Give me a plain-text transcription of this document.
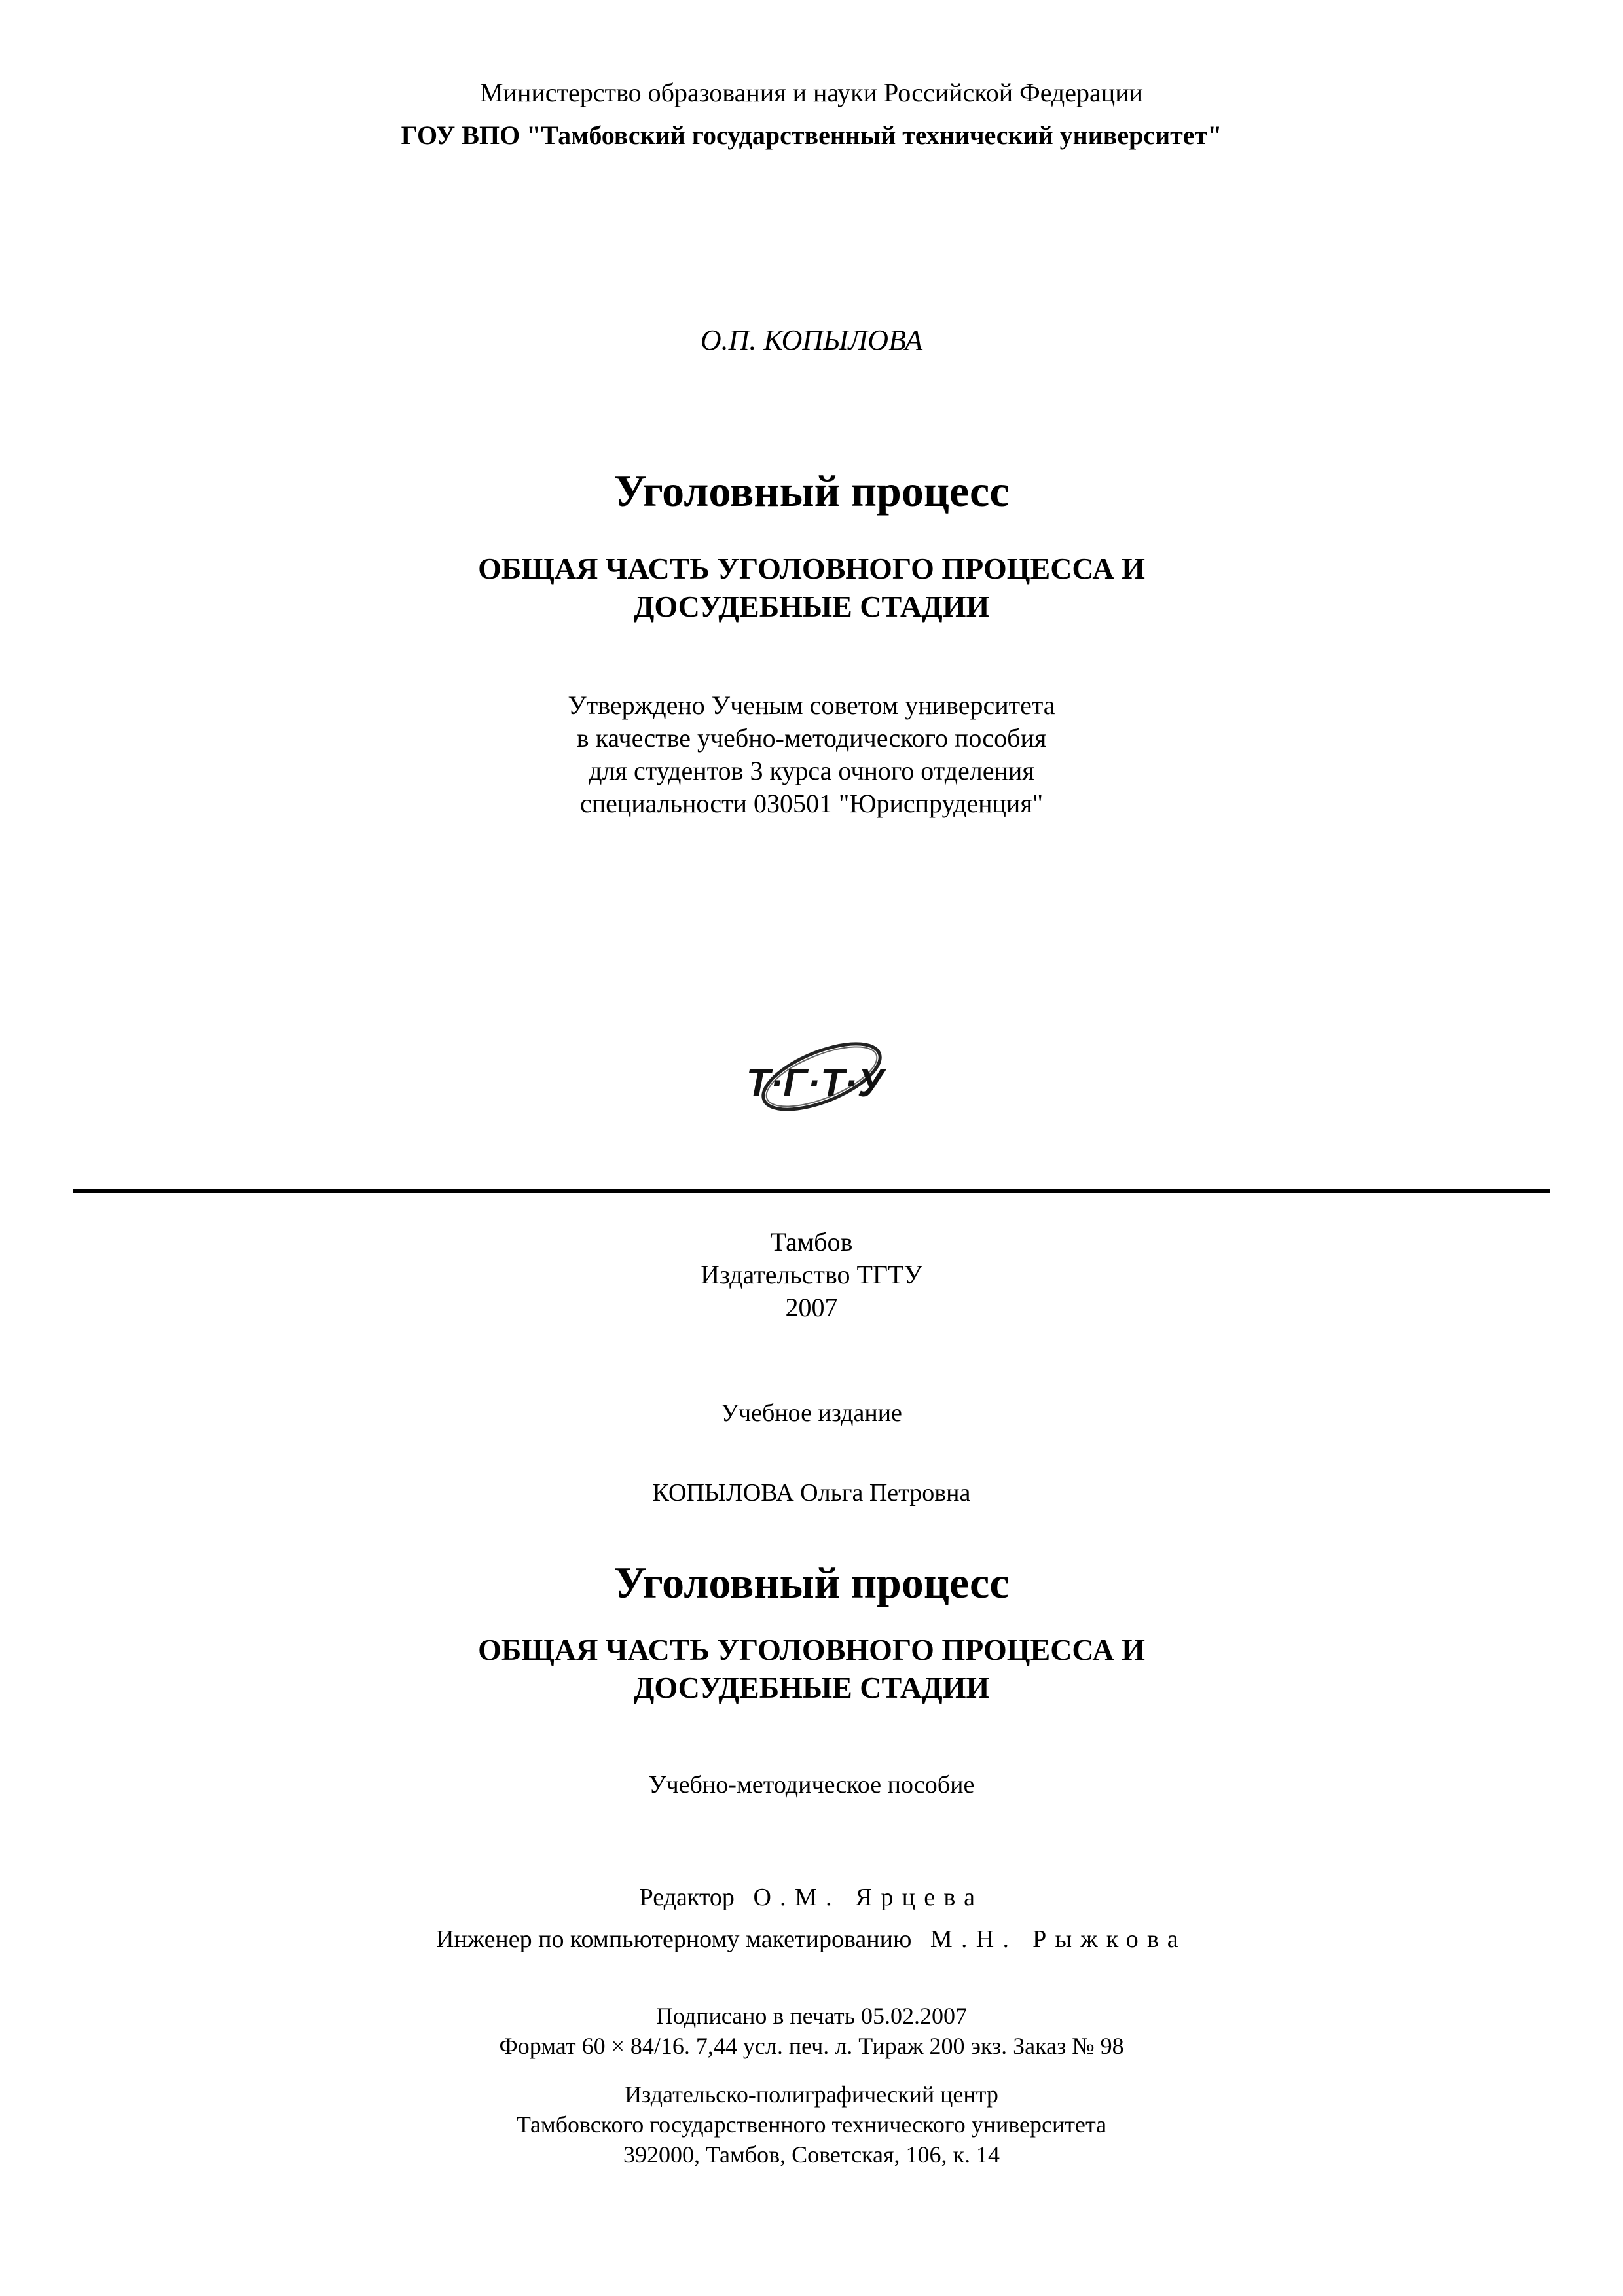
Министерство образования и науки Российской Федерации
ГОУ ВПО "Тамбовский государственный технический университет"
О.П. КОПЫЛОВА
Уголовный процесс
ОБЩАЯ ЧАСТЬ УГОЛОВНОГО ПРОЦЕССА И
ДОСУДЕБНЫЕ СТАДИИ
Утверждено Ученым советом университета
в качестве учебно-методического пособия
для студентов 3 курса очного отделения
специальности 030501 "Юриспруденция"
Т·Г·Т·У
Тамбов
Издательство ТГТУ
2007
Учебное издание
КОПЫЛОВА Ольга Петровна
Уголовный процесс
ОБЩАЯ ЧАСТЬ УГОЛОВНОГО ПРОЦЕССА И
ДОСУДЕБНЫЕ СТАДИИ
Учебно-методическое пособие
Редактор О.М. Ярцева
Инженер по компьютерному макетированию М.Н. Рыжкова
Подписано в печать 05.02.2007
Формат 60 × 84/16. 7,44 усл. печ. л. Тираж 200 экз. Заказ № 98
Издательско-полиграфический центр
Тамбовского государственного технического университета
392000, Тамбов, Советская, 106, к. 14
